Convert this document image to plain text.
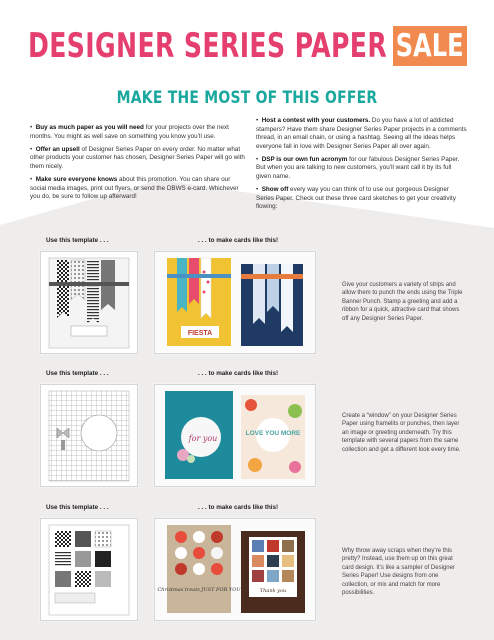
DESIGNER SERIES PAPER SALE
MAKE THE MOST OF THIS OFFER
•  Buy as much paper as you will need for your projects over the next months. You might as well save on something you know you’ll use.
•  Offer an upsell of Designer Series Paper on every order. No matter what other products your customer has chosen, Designer Series Paper will go with them nicely.
•  Make sure everyone knows about this promotion. You can share our social media images, print out flyers, or send the DBWS e-card. Whichever you do, be sure to follow up afterward!
•  Host a contest with your customers. Do you have a lot of addicted stampers? Have them share Designer Series Paper projects in a comments thread, in an email chain, or using a hashtag. Seeing all the ideas helps everyone fall in love with Designer Series Paper all over again.
•  DSP is our own fun acronym for our fabulous Designer Series Paper. But when you are talking to new customers, you’ll want call it by its full given name.
•  Show off every way you can think of to use our gorgeous Designer Series Paper. Check out these three card sketches to get your creativity flowing:
Use this template . . .	. . . to make cards like this!
FIESTA
Give your customers a variety of strips and allow them to punch the ends using the Triple Banner Punch. Stamp a greeting and add a ribbon for a quick, attractive card that shows off any Designer Series Paper.
Use this template . . .	. . . to make cards like this!
for you
LOVE YOU MORE
Create a “window” on your Designer Series Paper using framelits or punches, then layer an image or greeting underneath. Try this template with several papers from the same collection and get a different look every time.
Use this template . . .	. . . to make cards like this!
Christmas treats JUST FOR YOU	Thank you
Why throw away scraps when they’re this pretty? Instead, use them up on this great card design. It’s like a sampler of Designer Series Paper! Use designs from one collection, or mix and match for more possibilities.
